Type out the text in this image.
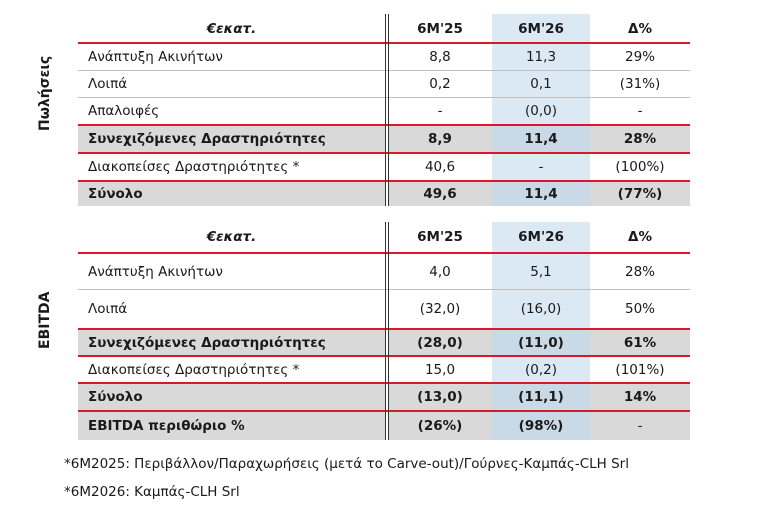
Πωλήσεις
€εκατ.	6M'25	6M'26	Δ%
Ανάπτυξη Ακινήτων	8,8	11,3	29%
Λοιπά	0,2	0,1	(31%)
Απαλοιφές	-	(0,0)	-
Συνεχιζόμενες Δραστηριότητες	8,9	11,4	28%
Διακοπείσες Δραστηριότητες *	40,6	-	(100%)
Σύνολο	49,6	11,4	(77%)
EBITDA
€εκατ.	6M'25	6M'26	Δ%
Ανάπτυξη Ακινήτων	4,0	5,1	28%
Λοιπά	(32,0)	(16,0)	50%
Συνεχιζόμενες Δραστηριότητες	(28,0)	(11,0)	61%
Διακοπείσες Δραστηριότητες *	15,0	(0,2)	(101%)
Σύνολο	(13,0)	(11,1)	14%
EBITDA περιθώριο %	(26%)	(98%)	-
*6M2025: Περιβάλλον/Παραχωρήσεις (μετά το Carve-out)/Γούρνες-Καμπάς-CLH Srl
*6M2026: Καμπάς-CLH Srl
